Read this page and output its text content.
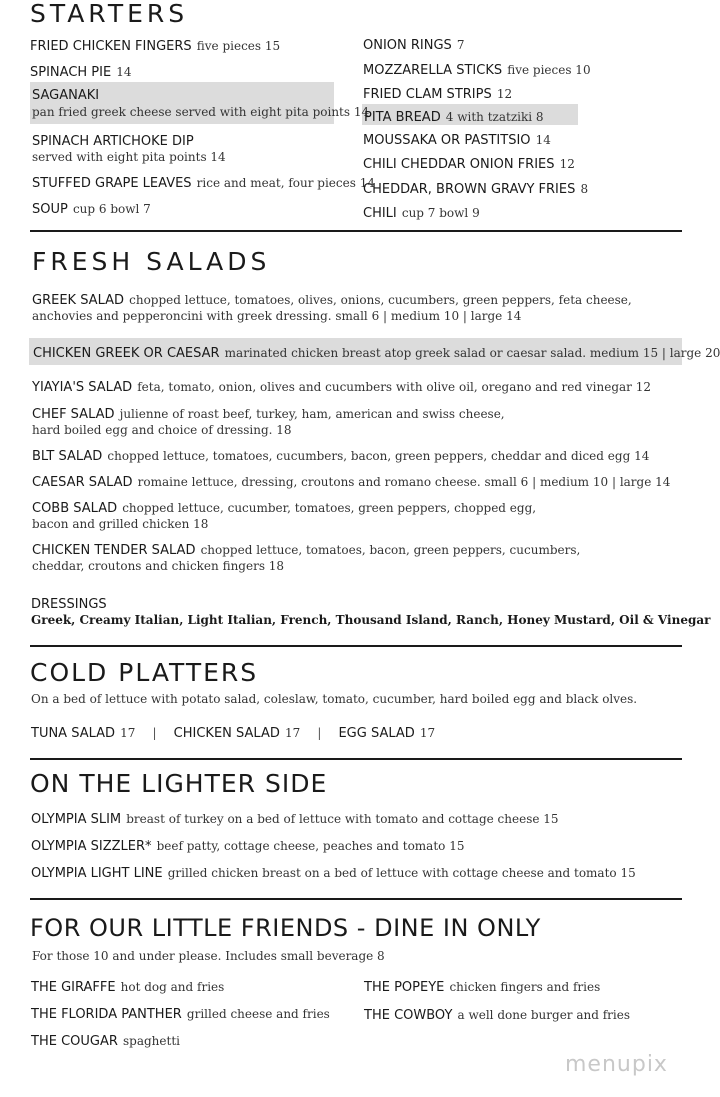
STARTERS
FRIED CHICKEN FINGERS five pieces 15
SPINACH PIE 14
SAGANAKI
pan fried greek cheese served with eight pita points 14
SPINACH ARTICHOKE DIP
served with eight pita points 14
STUFFED GRAPE LEAVES rice and meat, four pieces 14
SOUP cup 6 bowl 7
ONION RINGS 7
MOZZARELLA STICKS five pieces 10
FRIED CLAM STRIPS 12
PITA BREAD 4 with tzatziki 8
MOUSSAKA OR PASTITSIO 14
CHILI CHEDDAR ONION FRIES 12
CHEDDAR, BROWN GRAVY FRIES 8
CHILI cup 7 bowl 9
FRESH SALADS
GREEK SALAD chopped lettuce, tomatoes, olives, onions, cucumbers, green peppers, feta cheese,
anchovies and pepperoncini with greek dressing. small 6 | medium 10 | large 14
CHICKEN GREEK OR CAESAR marinated chicken breast atop greek salad or caesar salad. medium 15 | large 20
YIAYIA'S SALAD feta, tomato, onion, olives and cucumbers with olive oil, oregano and red vinegar 12
CHEF SALAD julienne of roast beef, turkey, ham, american and swiss cheese,
hard boiled egg and choice of dressing. 18
BLT SALAD chopped lettuce, tomatoes, cucumbers, bacon, green peppers, cheddar and diced egg 14
CAESAR SALAD romaine lettuce, dressing, croutons and romano cheese. small 6 | medium 10 | large 14
COBB SALAD chopped lettuce, cucumber, tomatoes, green peppers, chopped egg,
bacon and grilled chicken 18
CHICKEN TENDER SALAD chopped lettuce, tomatoes, bacon, green peppers, cucumbers,
cheddar, croutons and chicken fingers 18
DRESSINGS
Greek, Creamy Italian, Light Italian, French, Thousand Island, Ranch, Honey Mustard, Oil & Vinegar
COLD PLATTERS
On a bed of lettuce with potato salad, coleslaw, tomato, cucumber, hard boiled egg and black olves.
TUNA SALAD 17 | CHICKEN SALAD 17 | EGG SALAD 17
ON THE LIGHTER SIDE
OLYMPIA SLIM breast of turkey on a bed of lettuce with tomato and cottage cheese 15
OLYMPIA SIZZLER* beef patty, cottage cheese, peaches and tomato 15
OLYMPIA LIGHT LINE grilled chicken breast on a bed of lettuce with cottage cheese and tomato 15
FOR OUR LITTLE FRIENDS - DINE IN ONLY
For those 10 and under please. Includes small beverage 8
THE GIRAFFE hot dog and fries
THE FLORIDA PANTHER grilled cheese and fries
THE COUGAR spaghetti
THE POPEYE chicken fingers and fries
THE COWBOY a well done burger and fries
menupix
